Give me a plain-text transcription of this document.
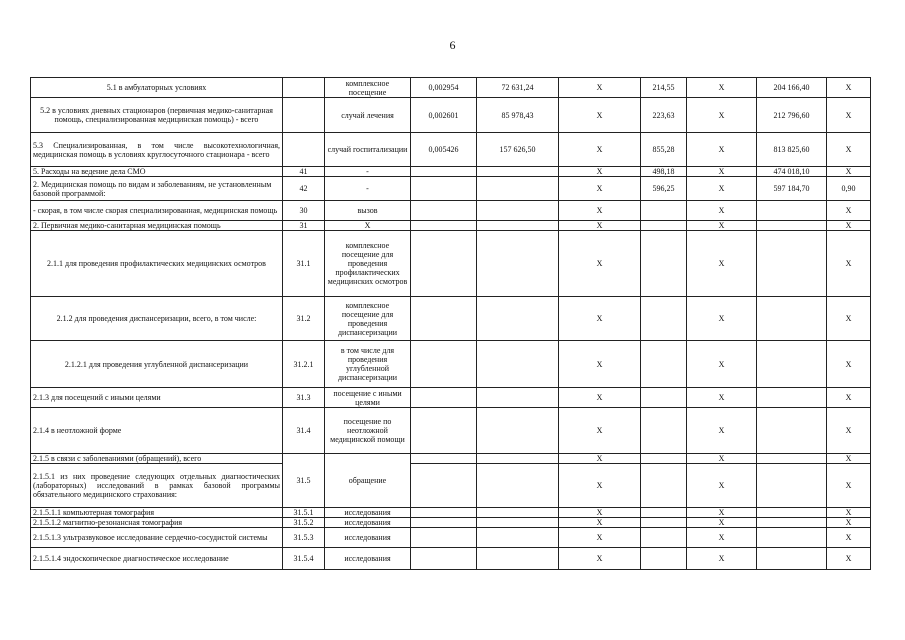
6
5.1 в амбулаторных условиях		комплексное посещение	0,002954	72 631,24	X	214,55	X	204 166,40	X
5.2 в условиях дневных стационаров (первичная медико-санитарная помощь, специализированная медицинская помощь) - всего		случай лечения	0,002601	85 978,43	X	223,63	X	212 796,60	X
5.3 Специализированная, в том числе высокотехнологичная, медицинская помощь в условиях круглосуточного стационара - всего		случай госпитализации	0,005426	157 626,50	X	855,28	X	813 825,60	X
5. Расходы на ведение дела СМО	41	-			X	498,18	X	474 018,10	X
2. Медицинская помощь по видам и заболеваниям, не установленным базовой программой:	42	-			X	596,25	X	597 184,70	0,90
- скорая, в том числе скорая специализированная, медицинская помощь	30	вызов			X		X		X
2. Первичная медико-санитарная медицинская помощь	31	X			X		X		X
2.1.1 для проведения профилактических медицинских осмотров	31.1	комплексное посещение для проведения профилактических медицинских осмотров			X		X		X
2.1.2 для проведения диспансеризации, всего, в том числе:	31.2	комплексное посещение для проведения диспансеризации			X		X		X
2.1.2.1 для проведения углубленной диспансеризации	31.2.1	в том числе для проведения углубленной диспансеризации			X		X		X
2.1.3 для посещений с иными целями	31.3	посещение с иными целями			X		X		X
2.1.4 в неотложной форме	31.4	посещение по неотложной медицинской помощи			X		X		X
2.1.5 в связи с заболеваниями (обращений), всего	31.5	обращение			X		X		X
2.1.5.1 из них проведение следующих отдельных диагностических (лабораторных) исследований в рамках базовой программы обязательного медицинского страхования:					X		X		X
2.1.5.1.1 компьютерная томография	31.5.1	исследования			X		X		X
2.1.5.1.2 магнитно-резонансная томография	31.5.2	исследования			X		X		X
2.1.5.1.3 ультразвуковое исследование сердечно-сосудистой системы	31.5.3	исследования			X		X		X
2.1.5.1.4 эндоскопическое диагностическое исследование	31.5.4	исследования			X		X		X
